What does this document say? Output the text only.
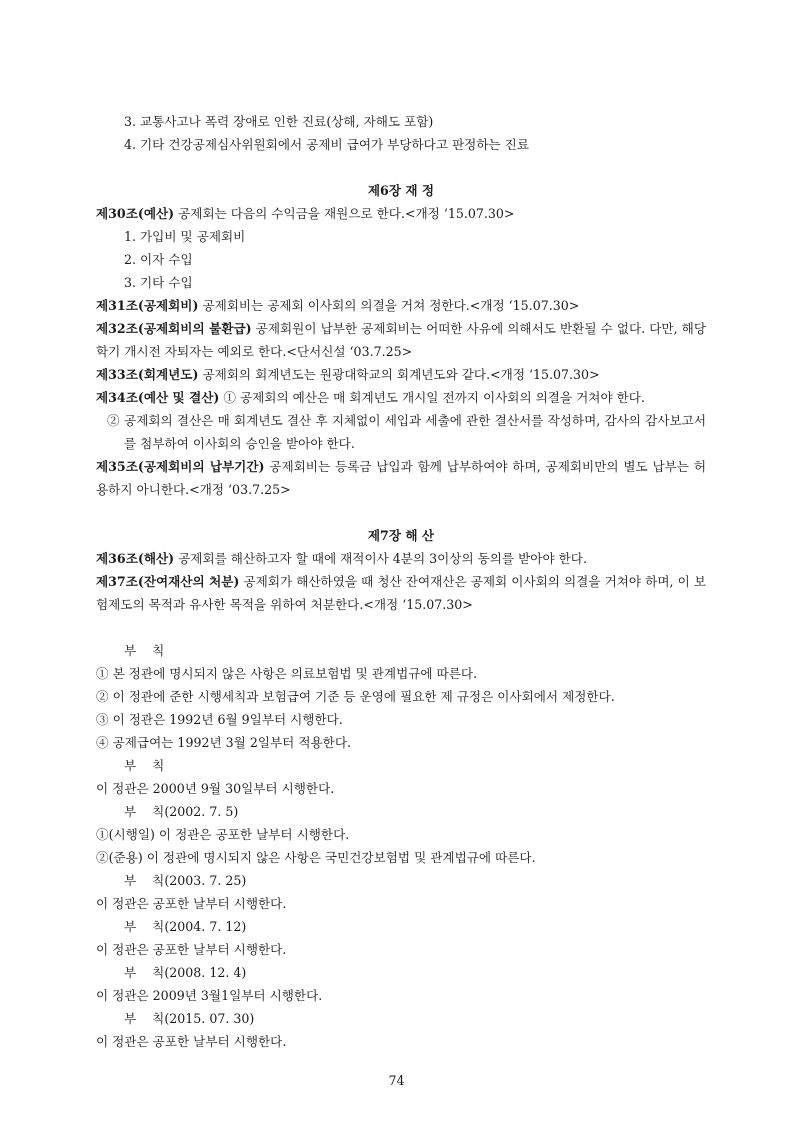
3. 교통사고나 폭력 장애로 인한 진료(상해, 자해도 포함)
4. 기타 건강공제심사위원회에서 공제비 급여가 부당하다고 판정하는 진료
제6장 재 정
제30조(예산) 공제회는 다음의 수익금을 재원으로 한다.<개정 ‘15.07.30>
1. 가입비 및 공제회비
2. 이자 수입
3. 기타 수입
제31조(공제회비) 공제회비는 공제회 이사회의 의결을 거쳐 정한다.<개정 ‘15.07.30>
제32조(공제회비의 불환급) 공제회원이 납부한 공제회비는 어떠한 사유에 의해서도 반환될 수 없다. 다만, 해당학기 개시전 자퇴자는 예외로 한다.<단서신설 ‘03.7.25>
제33조(회계년도) 공제회의 회계년도는 원광대학교의 회계년도와 같다.<개정 ‘15.07.30>
제34조(예산 및 결산) ① 공제회의 예산은 매 회계년도 개시일 전까지 이사회의 의결을 거쳐야 한다.
② 공제회의 결산은 매 회계년도 결산 후 지체없이 세입과 세출에 관한 결산서를 작성하며, 감사의 감사보고서를 첨부하여 이사회의 승인을 받아야 한다.
제35조(공제회비의 납부기간) 공제회비는 등록금 납입과 함께 납부하여야 하며, 공제회비만의 별도 납부는 허용하지 아니한다.<개정 ‘03.7.25>
제7장 해 산
제36조(해산) 공제회를 해산하고자 할 때에 재적이사 4분의 3이상의 동의를 받아야 한다.
제37조(잔여재산의 처분) 공제회가 해산하였을 때 청산 잔여재산은 공제회 이사회의 의결을 거쳐야 하며, 이 보험제도의 목적과 유사한 목적을 위하여 처분한다.<개정 ‘15.07.30>
부    칙
① 본 정관에 명시되지 않은 사항은 의료보험법 및 관계법규에 따른다.
② 이 정관에 준한 시행세칙과 보험급여 기준 등 운영에 필요한 제 규정은 이사회에서 제정한다.
③ 이 정관은 1992년 6월 9일부터 시행한다.
④ 공제급여는 1992년 3월 2일부터 적용한다.
부    칙
이 정관은 2000년 9월 30일부터 시행한다.
부    칙(2002. 7. 5)
①(시행일) 이 정관은 공포한 날부터 시행한다.
②(준용) 이 정관에 명시되지 않은 사항은 국민건강보험법 및 관계법규에 따른다.
부    칙(2003. 7. 25)
이 정관은 공포한 날부터 시행한다.
부    칙(2004. 7. 12)
이 정관은 공포한 날부터 시행한다.
부    칙(2008. 12. 4)
이 정관은 2009년 3월1일부터 시행한다.
부    칙(2015. 07. 30)
이 정관은 공포한 날부터 시행한다.
74
